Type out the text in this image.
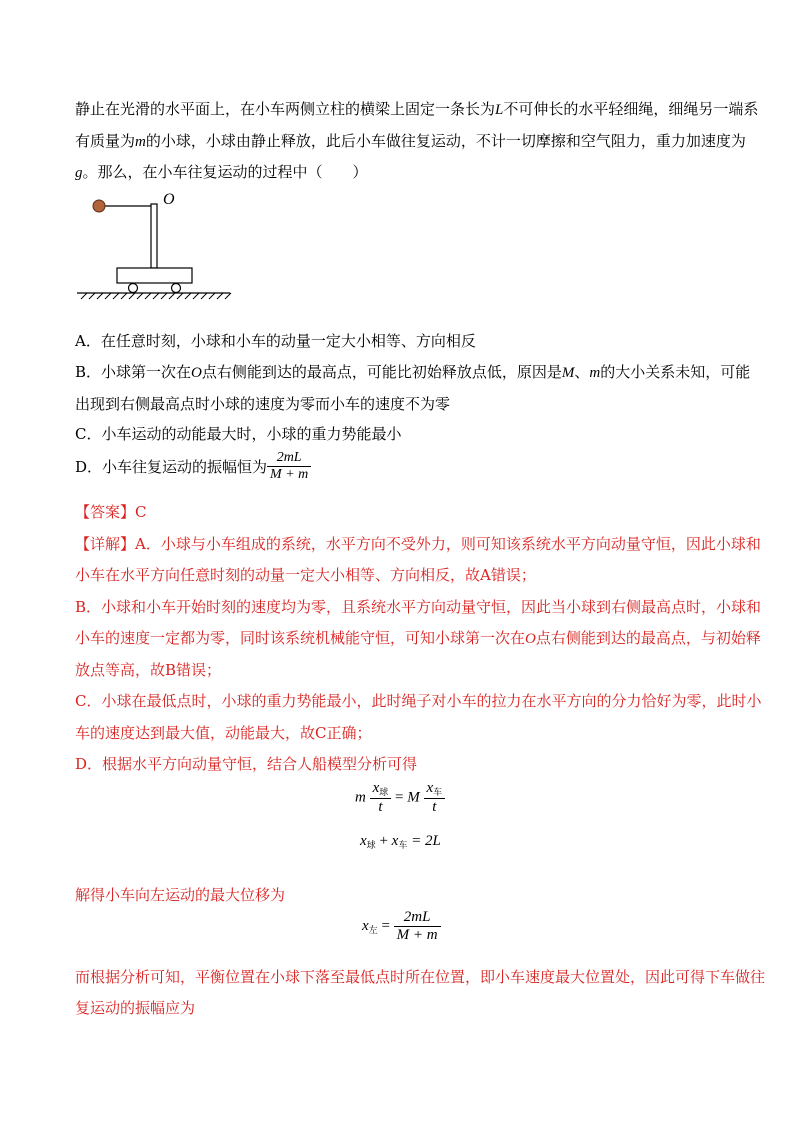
静止在光滑的水平面上，在小车两侧立柱的横梁上固定一条长为L不可伸长的水平轻细绳，细绳另一端系
有质量为m的小球，小球由静止释放，此后小车做往复运动，不计一切摩擦和空气阻力，重力加速度为
g。那么，在小车往复运动的过程中（　　）
O
A．在任意时刻，小球和小车的动量一定大小相等、方向相反
B．小球第一次在O点右侧能到达的最高点，可能比初始释放点低，原因是M、m的大小关系未知，可能
出现到右侧最高点时小球的速度为零而小车的速度不为零
C．小车运动的动能最大时，小球的重力势能最小
D．小车往复运动的振幅恒为 $\frac{2mL}{M + m}$
【答案】C
【详解】A．小球与小车组成的系统，水平方向不受外力，则可知该系统水平方向动量守恒，因此小球和
小车在水平方向任意时刻的动量一定大小相等、方向相反，故A错误；
B．小球和小车开始时刻的速度均为零，且系统水平方向动量守恒，因此当小球到右侧最高点时，小球和
小车的速度一定都为零，同时该系统机械能守恒，可知小球第一次在O点右侧能到达的最高点，与初始释
放点等高，故B错误；
C．小球在最低点时，小球的重力势能最小，此时绳子对小车的拉力在水平方向的分力恰好为零，此时小
车的速度达到最大值，动能最大，故C正确；
D．根据水平方向动量守恒，结合人船模型分析可得
m $\frac{x_球}{t} = M \frac{x_车}{t}$
$x_球 + x_车 = 2L$
解得小车向左运动的最大位移为
$x_左 = \frac{2mL}{M + m}$
而根据分析可知，平衡位置在小球下落至最低点时所在位置，即小车速度最大位置处，因此可得下车做往
复运动的振幅应为
